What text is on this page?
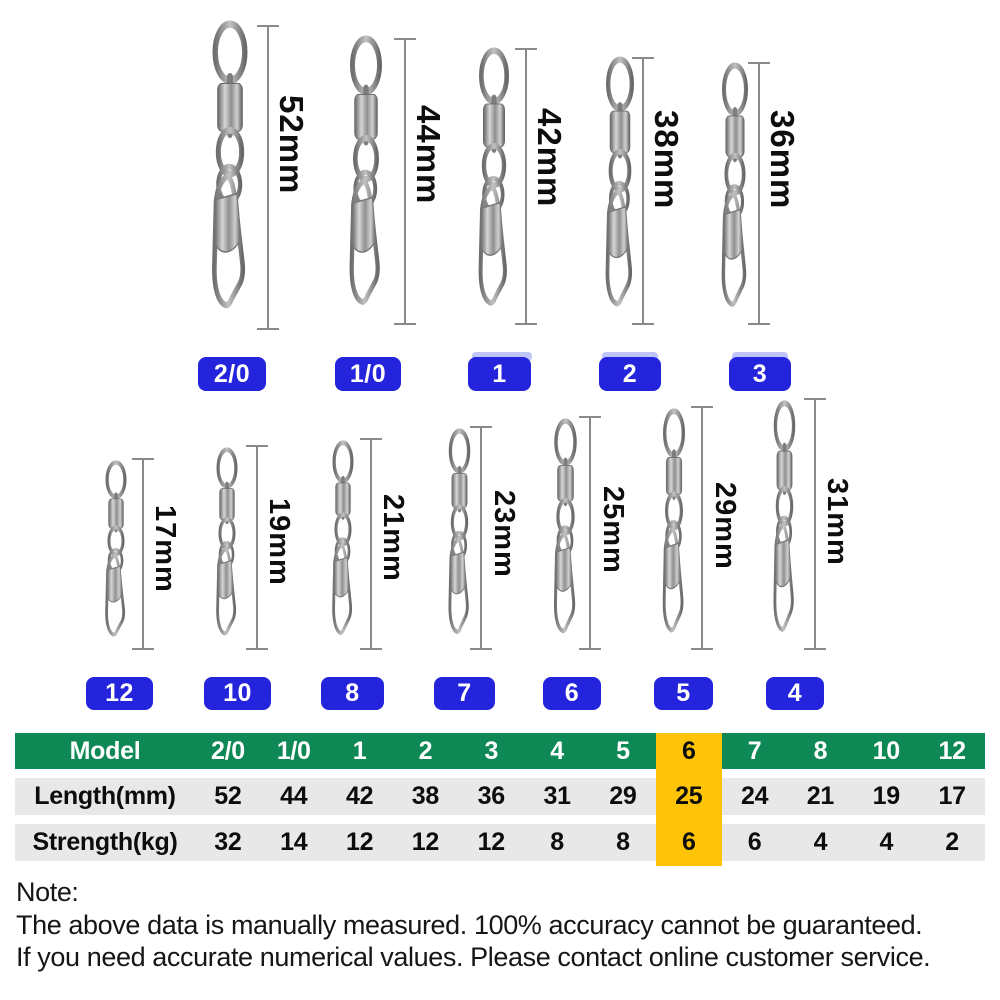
52mm	44mm	42mm 38mm 36mm
2/0	1/0	1	2	3
17mm	19mm	21mm	23mm	25mm	29mm	31mm
12	10	8	7	6	5	4
Model	2/0	1/0	1	2	3	4	5	6	7	8	10	12
Length(mm)	52	44	42	38	36	31	29	25	24	21	19	17
Strength(kg)	32	14	12	12	12	8	8	6	6	4	4	2
Note:
The above data is manually measured. 100% accuracy cannot be guaranteed.
If you need accurate numerical values. Please contact online customer service.
